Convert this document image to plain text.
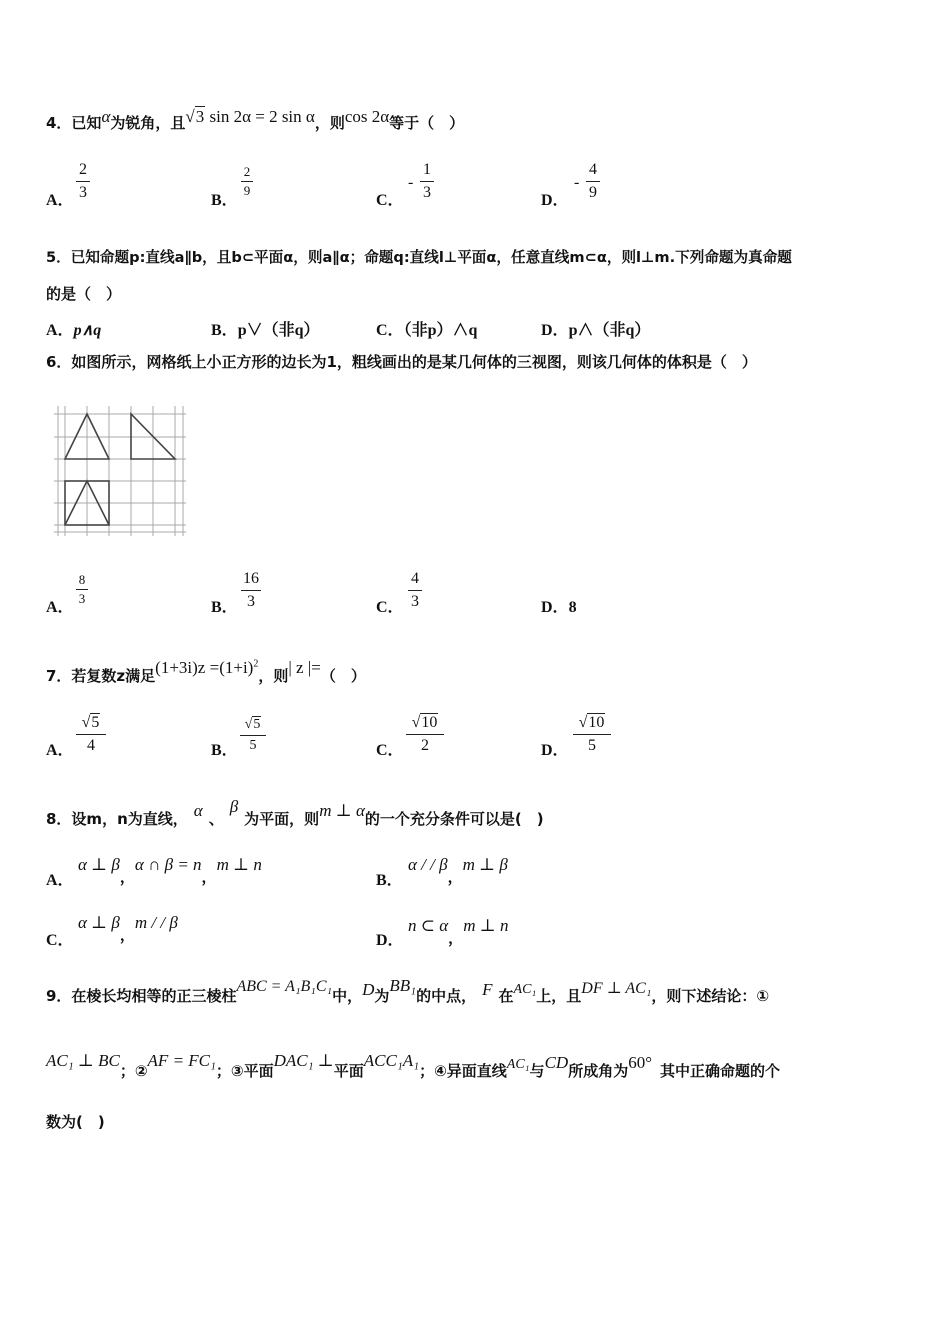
4．已知α为锐角，且√3 sin 2α = 2 sin α，则cos 2α等于（　）
A．
2
3	B．
2
9
C．
-
1
3	D．
-
4
9
5．已知命题p:直线a∥b，且b⊂平面α，则a∥α；命题q:直线l⊥平面α，任意直线m⊂α，则l⊥m.下列命题为真命题
的是（　）
A．p∧q	B．p∨（非q）	C．（非p）∧q	D．p∧（非q）
6．如图所示，网格纸上小正方形的边长为1，粗线画出的是某几何体的三视图，则该几何体的体积是（　）
A．
8
3
B．
16
3	C．
4
3	D．8
7．若复数z满足$(1+3i)z =(1+i)^2$，则| z |=（　）
A．
√5
4	B．
√5
5	C．
√10
2	D．
√10
5
8．设m，n为直线， α 、β为平面，则m ⊥ α的一个充分条件可以是(　)
A．
α ⊥ β，α ∩ β = n，m ⊥ n
B．
α / / β，m ⊥ β
C．
α ⊥ β，m / / β
D．
n ⊂ α，m ⊥ n
9．在棱长均相等的正三棱柱ABC = A₁B₁C₁中，D为BB₁的中点， F 在AC₁上，且DF ⊥ AC₁，则下述结论：①
AC₁ ⊥ BC；②AF = FC₁；③平面DAC₁ ⊥平面ACC₁A₁；④异面直线AC₁与CD所成角为60° 其中正确命题的个
数为(　)
